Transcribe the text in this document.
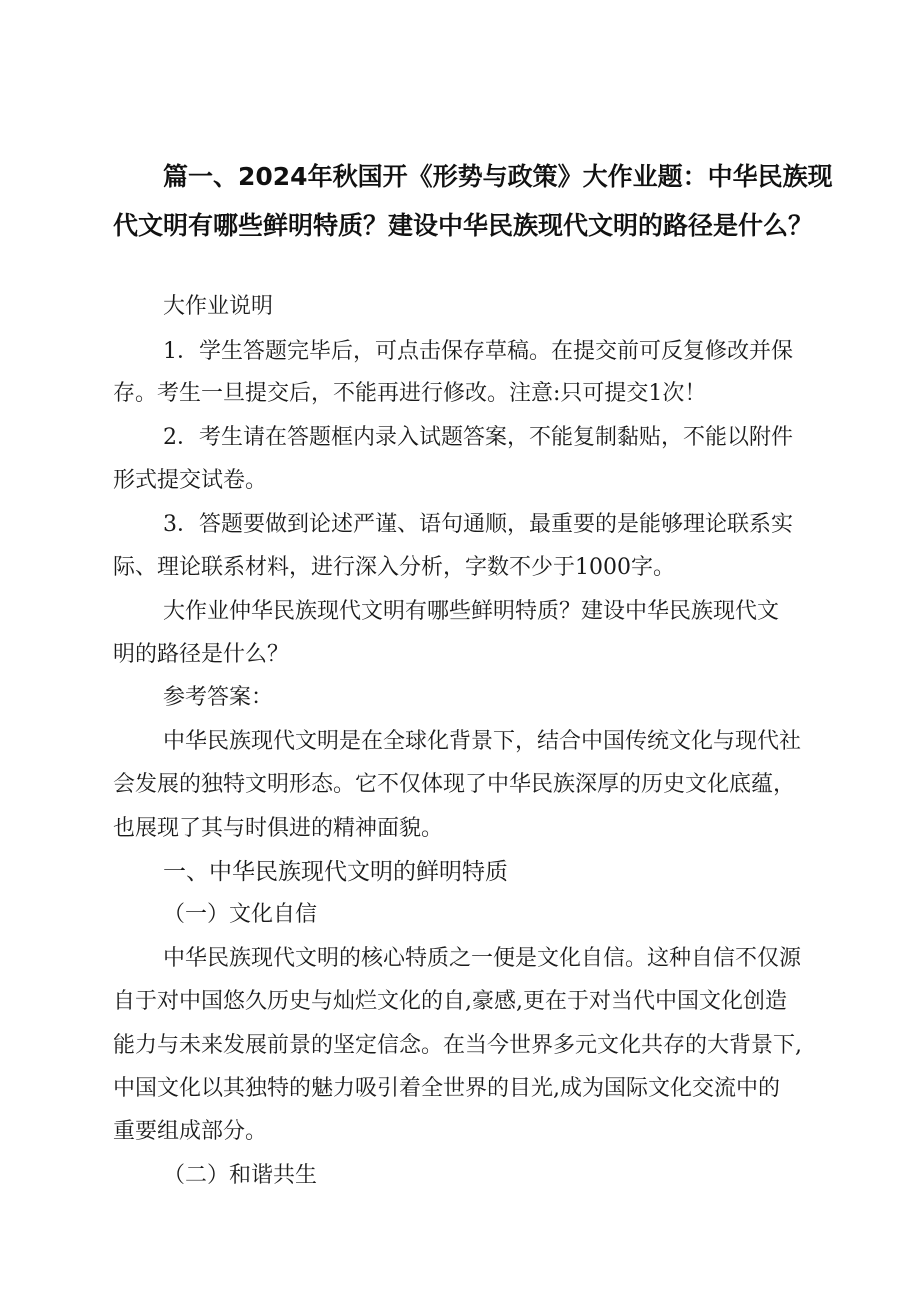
篇一、2024年秋国开《形势与政策》大作业题：中华民族现代文明有哪些鲜明特质？建设中华民族现代文明的路径是什么？

大作业说明

1．学生答题完毕后，可点击保存草稿。在提交前可反复修改并保

存。考生一旦提交后，不能再进行修改。注意:只可提交1次！

2．考生请在答题框内录入试题答案，不能复制黏贴，不能以附件

形式提交试卷。

3．答题要做到论述严谨、语句通顺，最重要的是能够理论联系实

际、理论联系材料，进行深入分析，字数不少于1000字。

大作业仲华民族现代文明有哪些鲜明特质？建设中华民族现代文

明的路径是什么？

参考答案：

中华民族现代文明是在全球化背景下，结合中国传统文化与现代社

会发展的独特文明形态。它不仅体现了中华民族深厚的历史文化底蕴，

也展现了其与时俱进的精神面貌。

一、中华民族现代文明的鲜明特质

（一）文化自信

中华民族现代文明的核心特质之一便是文化自信。这种自信不仅源

自于对中国悠久历史与灿烂文化的自,豪感,更在于对当代中国文化创造

能力与未来发展前景的坚定信念。在当今世界多元文化共存的大背景下,

中国文化以其独特的魅力吸引着全世界的目光,成为国际文化交流中的

重要组成部分。

（二）和谐共生
